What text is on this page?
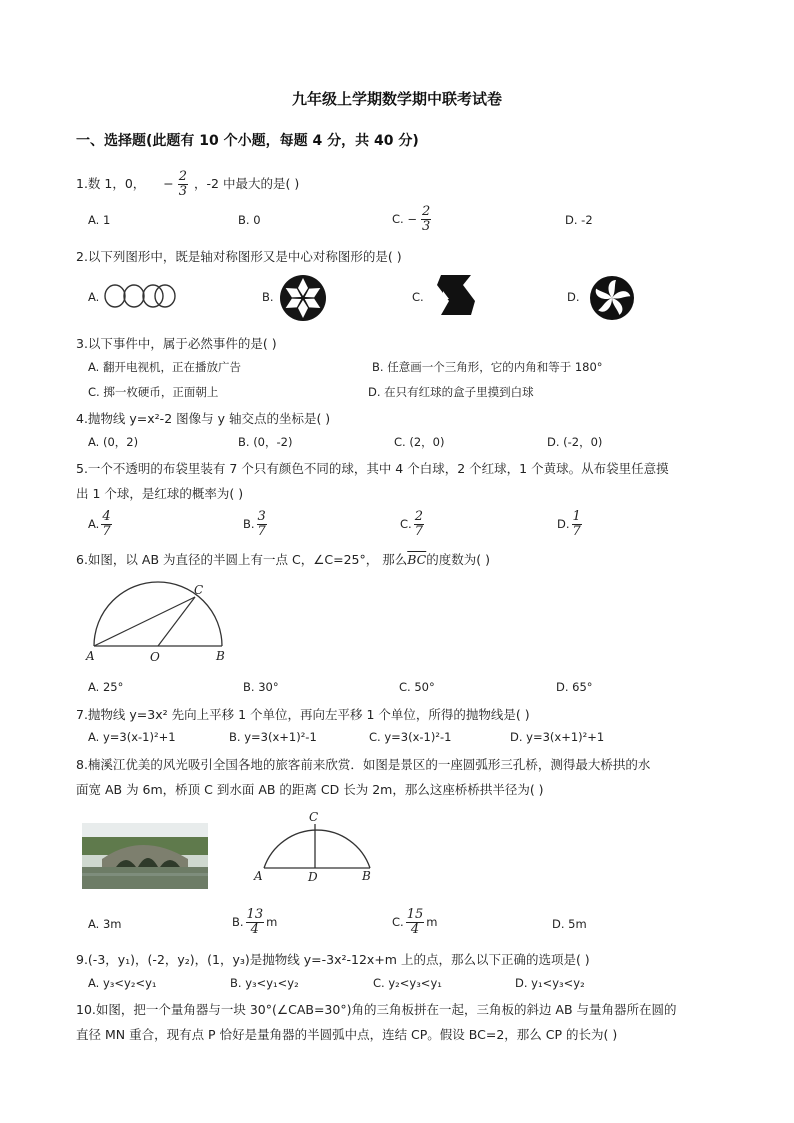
九年级上学期数学期中联考试卷
一、选择题(此题有 10 个小题，每题 4 分，共 40 分)
1.数 1，0， − $\frac{2}{3}$ ，-2 中最大的是( )
A. 1	B. 0	C. − $\frac{2}{3}$	D. -2
2.以下列图形中，既是轴对称图形又是中心对称图形的是( )
A.	B.	C.	D.
3.以下事件中，属于必然事件的是( )
A. 翻开电视机，正在播放广告	B. 任意画一个三角形，它的内角和等于 180°
C. 掷一枚硬币，正面朝上	D. 在只有红球的盒子里摸到白球
4.抛物线 y=x²-2 图像与 y 轴交点的坐标是( )
A. (0，2)	B. (0，-2)	C. (2，0)	D. (-2，0)
5.一个不透明的布袋里装有 7 个只有颜色不同的球，其中 4 个白球，2 个红球，1 个黄球。从布袋里任意摸
出 1 个球，是红球的概率为( )
A. $\frac{4}{7}$	B. $\frac{3}{7}$	C. $\frac{2}{7}$	D. $\frac{1}{7}$
6.如图，以 AB 为直径的半圆上有一点 C，∠C=25°， 那么$\overline{BC}$的度数为( )
A	O	B
C
A. 25°	B. 30°	C. 50°	D. 65°
7.抛物线 y=3x² 先向上平移 1 个单位，再向左平移 1 个单位，所得的抛物线是( )
A. y=3(x-1)²+1	B. y=3(x+1)²-1	C. y=3(x-1)²-1	D. y=3(x+1)²+1
8.楠溪江优美的风光吸引全国各地的旅客前来欣赏．如图是景区的一座圆弧形三孔桥，测得最大桥拱的水
面宽 AB 为 6m，桥顶 C 到水面 AB 的距离 CD 长为 2m，那么这座桥桥拱半径为( )
A	D	B
C
A. 3m	B. $\frac{13}{4}$ m	C. $\frac{15}{4}$ m	D. 5m
9.(-3，y₁)，(-2，y₂)，(1，y₃)是抛物线 y=-3x²-12x+m 上的点，那么以下正确的选项是( )
A. y₃<y₂<y₁	B. y₃<y₁<y₂	C. y₂<y₃<y₁	D. y₁<y₃<y₂
10.如图，把一个量角器与一块 30°(∠CAB=30°)角的三角板拼在一起，三角板的斜边 AB 与量角器所在圆的
直径 MN 重合，现有点 P 恰好是量角器的半圆弧中点，连结 CP。假设 BC=2，那么 CP 的长为( )
